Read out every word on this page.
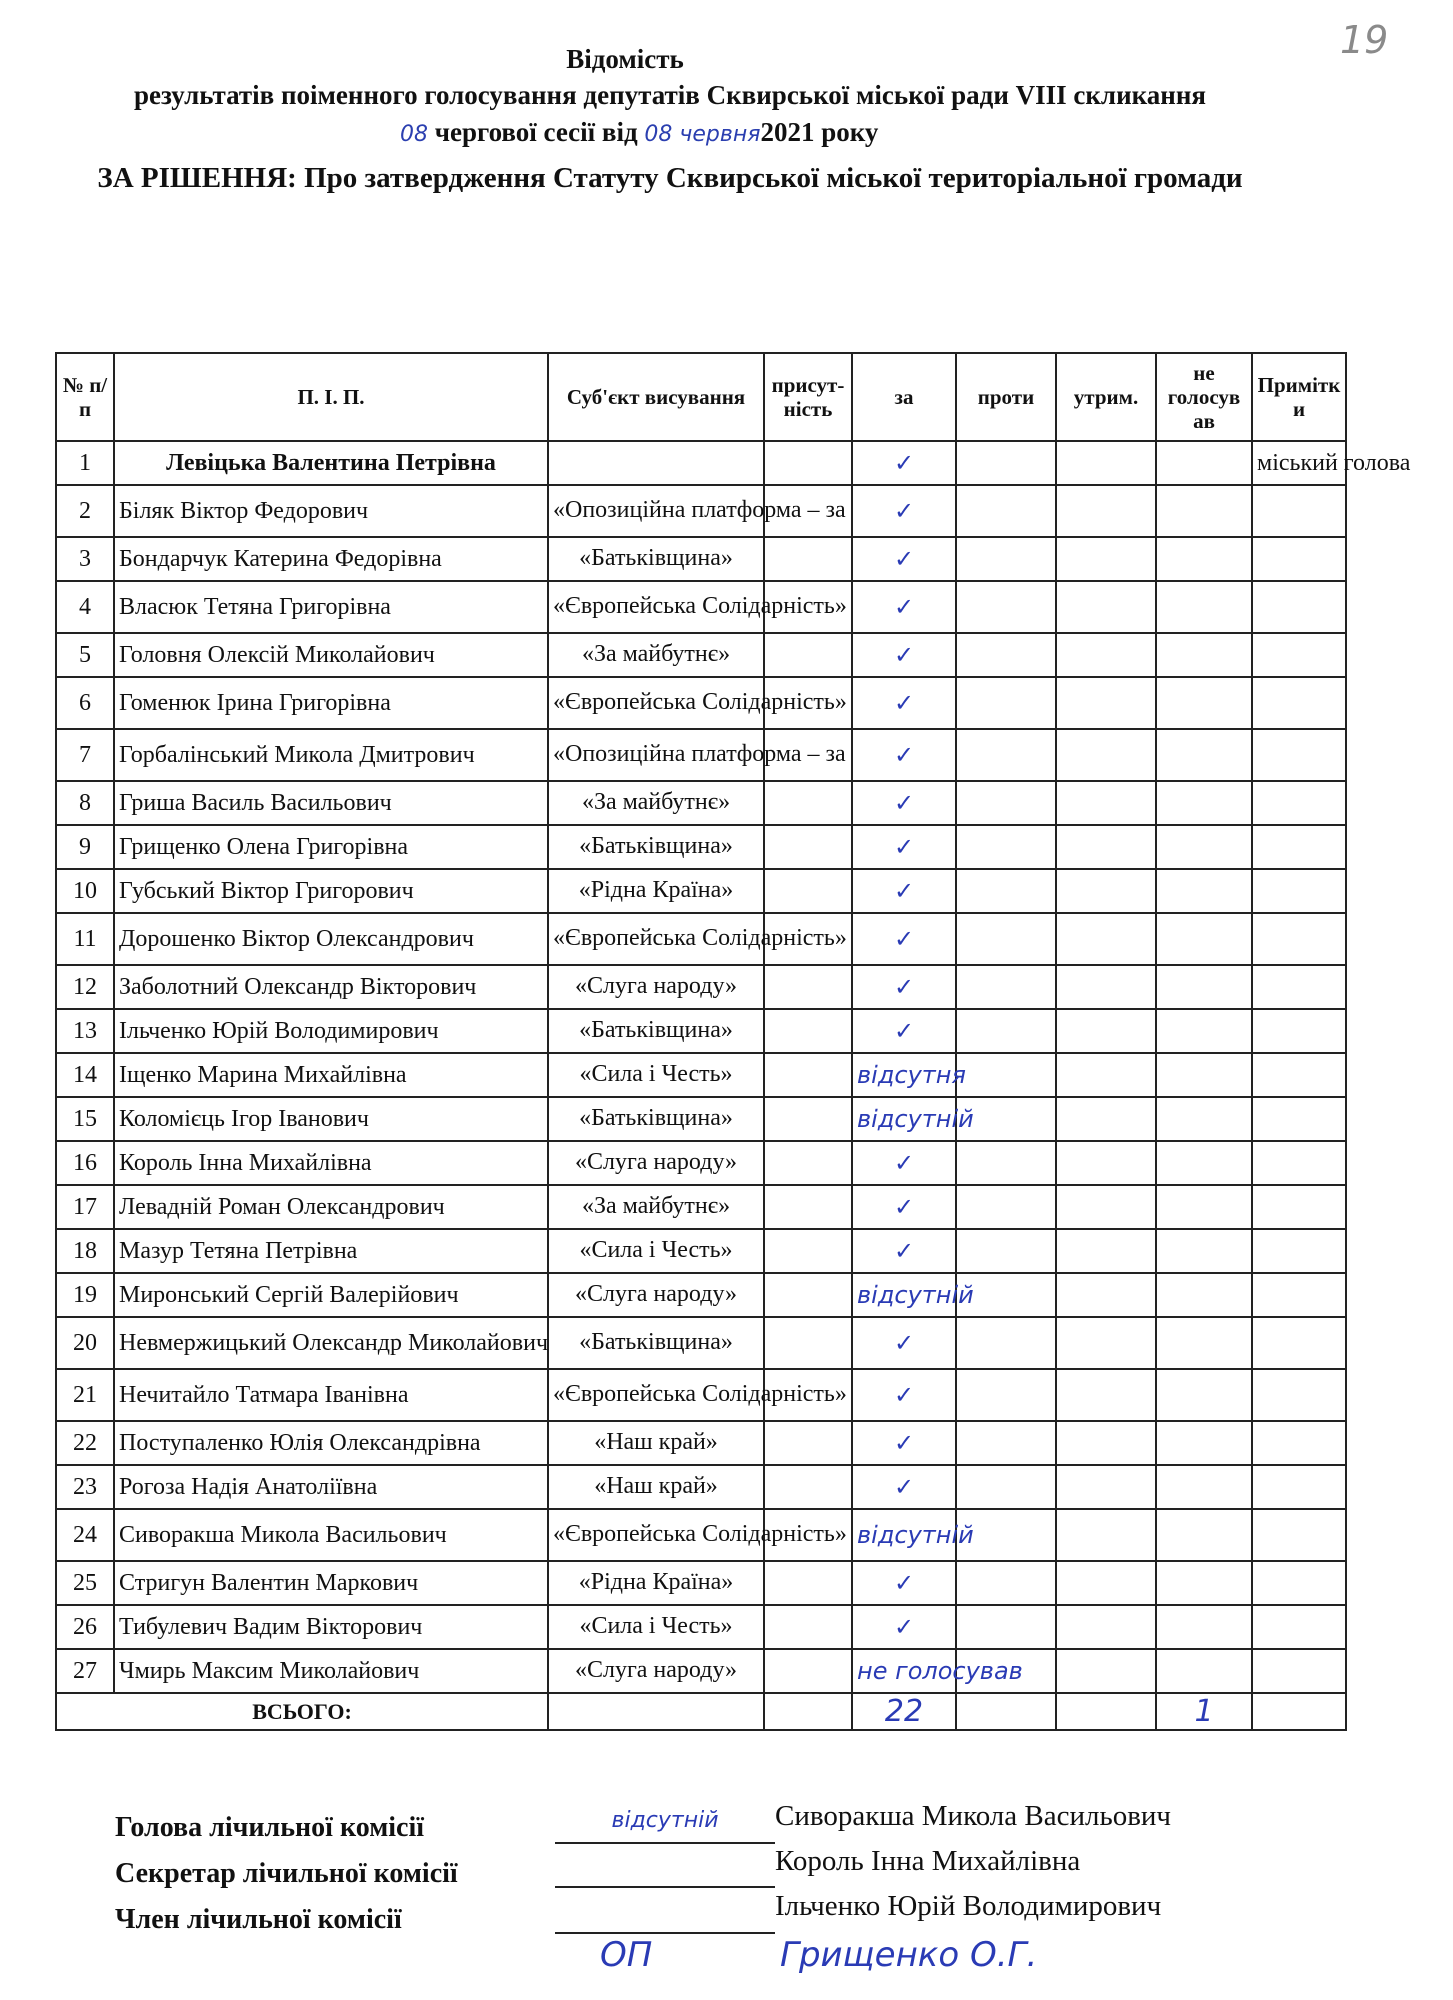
19
Відомість
результатів поіменного голосування депутатів Сквирської міської ради VIII скликання
08 чергової сесії від 08 червня2021 року
ЗА РІШЕННЯ: Про затвердження Статуту Сквирської міської територіальної громади
№ п/п	П. І. П.	Суб'єкт висування	присут-ність	за	проти	утрим.	не голосув ав	Примітк и
1	Левіцька Валентина Петрівна			✓				міський голова
2	Біляк Віктор Федорович	«Опозиційна платформа – за		✓				
3	Бондарчук Катерина Федорівна	«Батьківщина»		✓				
4	Власюк Тетяна Григорівна	«Європейська Солідарність»		✓				
5	Головня Олексій Миколайович	«За майбутнє»		✓				
6	Гоменюк Ірина Григорівна	«Європейська Солідарність»		✓				
7	Горбалінський Микола Дмитрович	«Опозиційна платформа – за		✓				
8	Гриша Василь Васильович	«За майбутнє»		✓				
9	Грищенко Олена Григорівна	«Батьківщина»		✓				
10	Губський Віктор Григорович	«Рідна Країна»		✓				
11	Дорошенко Віктор Олександрович	«Європейська Солідарність»		✓				
12	Заболотний Олександр Вікторович	«Слуга народу»		✓				
13	Ільченко Юрій Володимирович	«Батьківщина»		✓				
14	Іщенко Марина Михайлівна	«Сила і Честь»		відсутня				
15	Коломієць Ігор Іванович	«Батьківщина»		відсутній				
16	Король Інна Михайлівна	«Слуга народу»		✓				
17	Левадній Роман Олександрович	«За майбутнє»		✓				
18	Мазур Тетяна Петрівна	«Сила і Честь»		✓				
19	Миронський Сергій Валерійович	«Слуга народу»		відсутній				
20	Невмержицький Олександр Миколайович	«Батьківщина»		✓				
21	Нечитайло Татмара Іванівна	«Європейська Солідарність»		✓				
22	Поступаленко Юлія Олександрівна	«Наш край»		✓				
23	Рогоза Надія Анатоліївна	«Наш край»		✓				
24	Сиворакша Микола Васильович	«Європейська Солідарність»		відсутній				
25	Стригун Валентин Маркович	«Рідна Країна»		✓				
26	Тибулевич Вадим Вікторович	«Сила і Честь»		✓				
27	Чмирь Максим Миколайович	«Слуга народу»		не голосував				
ВСЬОГО:				22			1	
Голова лічильної комісії	відсутній	Сиворакша Микола Васильович
Секретар лічильної комісії	Король Інна Михайлівна
Член лічильної комісії	Ільченко Юрій Володимирович
ОП	Грищенко О.Г.
